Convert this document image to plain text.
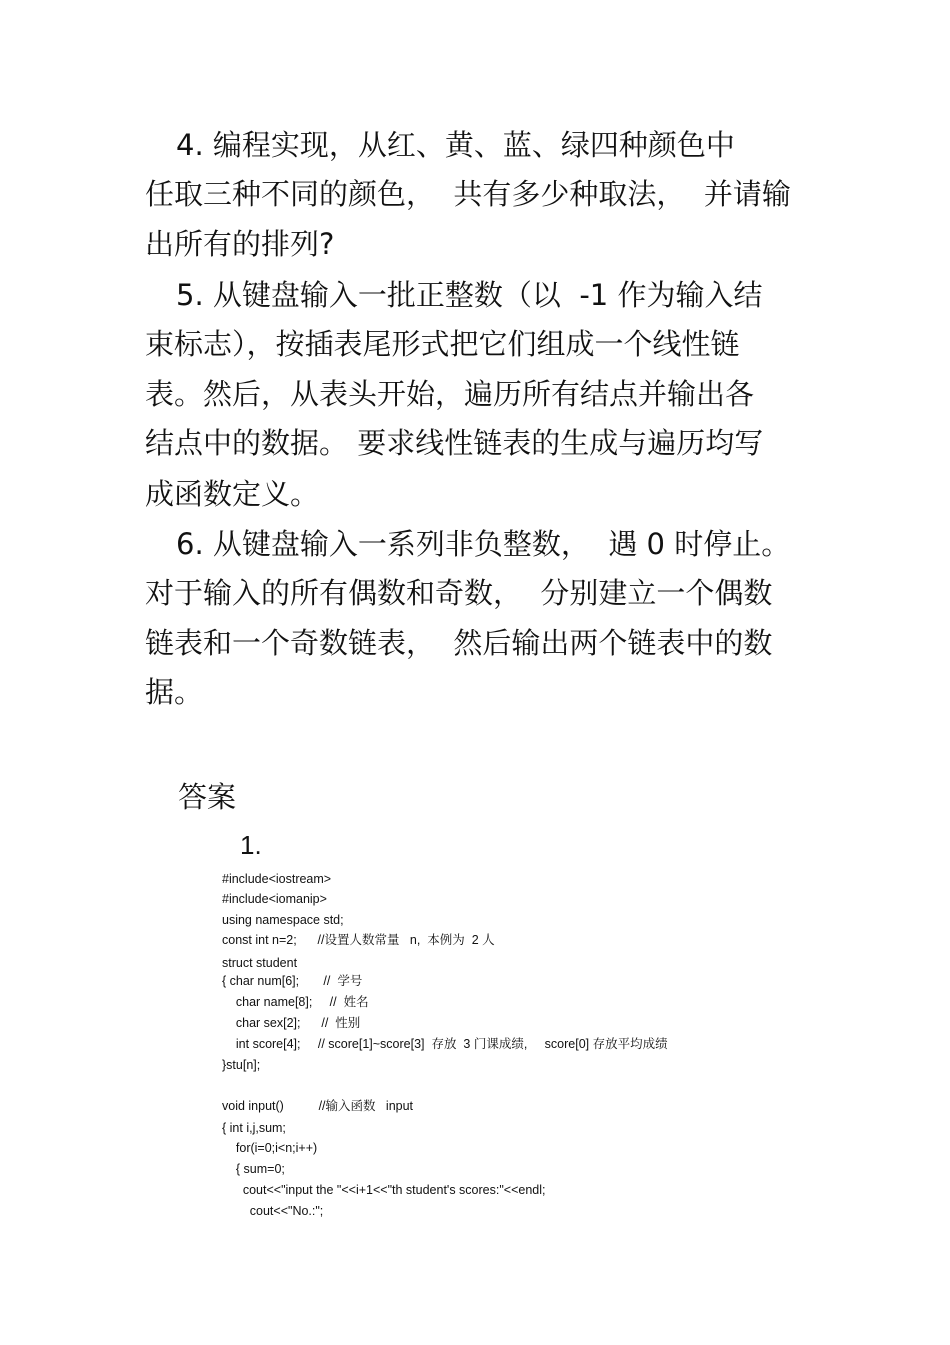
4. 编程实现，从红、黄、蓝、绿四种颜色中

任取三种不同的颜色，  共有多少种取法，  并请输

出所有的排列?

5. 从键盘输入一批正整数（以  -1 作为输入结

束标志），按插表尾形式把它们组成一个线性链

表。然后，从表头开始，遍历所有结点并输出各

结点中的数据。 要求线性链表的生成与遍历均写

成函数定义。

6. 从键盘输入一系列非负整数，  遇 0 时停止。

对于输入的所有偶数和奇数，  分别建立一个偶数

链表和一个奇数链表，  然后输出两个链表中的数

据。

答案
1.

#include<iostream>

#include<iomanip>

using namespace std;

const int n=2;      //设置人数常量   n,  本例为  2 人

struct student

{ char num[6];       //  学号

char name[8];     //  姓名

char sex[2];      //  性别

int score[4];     // score[1]~score[3]  存放  3 门课成绩,     score[0] 存放平均成绩

}stu[n];

void input()          //输入函数   input

{ int i,j,sum;

for(i=0;i<n;i++)

{ sum=0;

cout<<"input the "<<i+1<<"th student's scores:"<<endl;

cout<<"No.:";
